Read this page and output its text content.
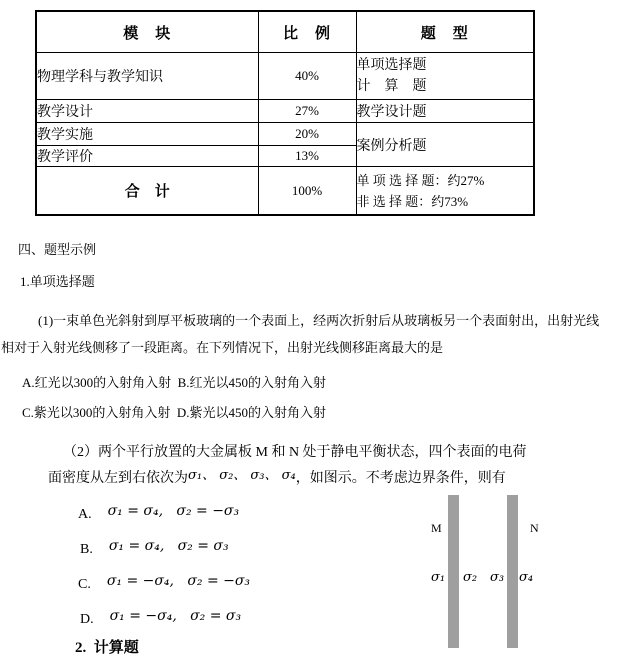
模　块	比　例	题　型
物理学科与教学知识	40%	单项选择题
计　算　题

教学设计	27%	教学设计题
教学实施	20%	案例分析题
教学评价	13%	
合　计	100%	单 项 选 择 题：约27%
非 选 择 题：约73%
四、题型示例
1.单项选择题
(1)一束单色光斜射到厚平板玻璃的一个表面上，经两次折射后从玻璃板另一个表面射出，出射光线
相对于入射光线侧移了一段距离。在下列情况下，出射光线侧移距离最大的是
A.红光以300的入射角入射  B.红光以450的入射角入射
C.紫光以300的入射角入射  D.紫光以450的入射角入射
（2）两个平行放置的大金属板 M 和 N 处于静电平衡状态，四个表面的电荷
面密度从左到右依次为σ₁、 σ₂、 σ₃、 σ₄，如图示。不考虑边界条件，则有
A. σ₁ = σ₄,   σ₂ = −σ₃
B. σ₁ = σ₄,   σ₂ = σ₃
C. σ₁ = −σ₄,   σ₂ = −σ₃
D. σ₁ = −σ₄,   σ₂ = σ₃
M	N
σ₁ σ₂ σ₃ σ₄
2.  计算题
